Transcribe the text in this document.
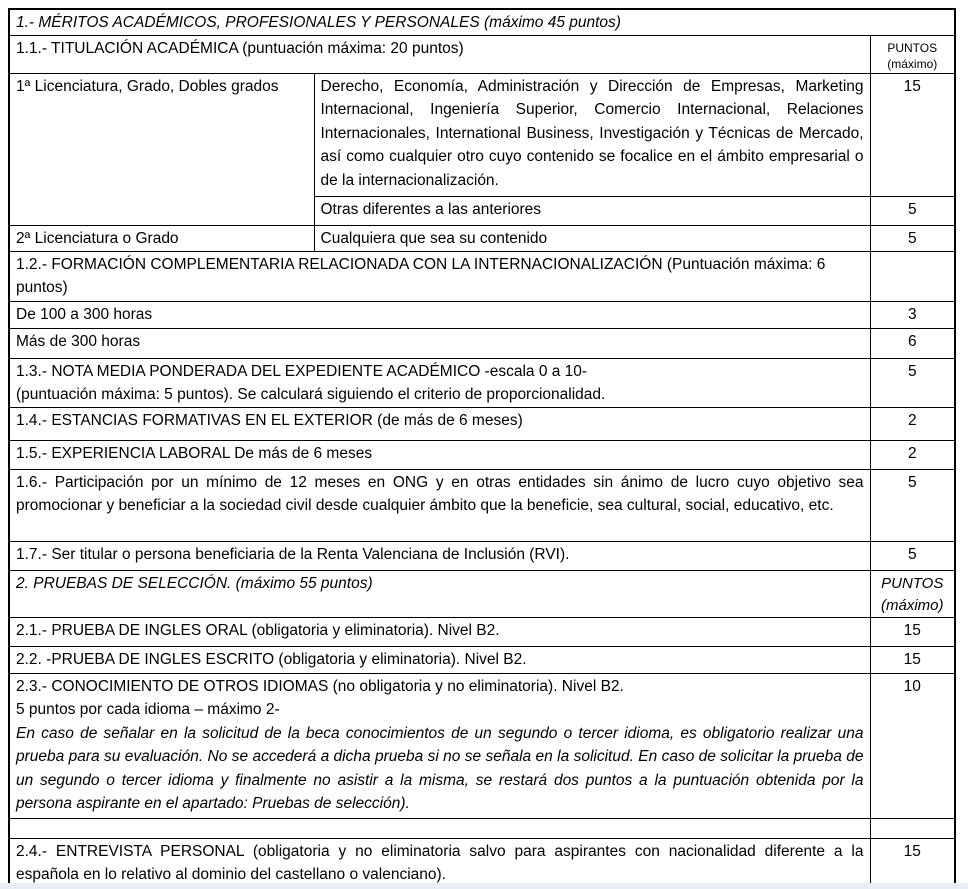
1.- MÉRITOS ACADÉMICOS, PROFESIONALES Y PERSONALES (máximo 45 puntos)		
1.1.- TITULACIÓN ACADÉMICA (puntuación máxima: 20 puntos)		PUNTOS
(máximo)

1ª Licenciatura, Grado, Dobles grados	Derecho, Economía, Administración y Dirección de Empresas, Marketing Internacional, Ingeniería Superior, Comercio Internacional, Relaciones Internacionales, International Business, Investigación y Técnicas de Mercado, así como cualquier otro cuyo contenido se focalice en el ámbito empresarial o de la internacionalización.	15
	Otras diferentes a las anteriores	5
2ª Licenciatura o Grado	Cualquiera que sea su contenido	5
1.2.- FORMACIÓN COMPLEMENTARIA RELACIONADA CON LA INTERNACIONALIZACIÓN (Puntuación máxima: 6 puntos)		
De 100 a 300 horas		3
Más de 300 horas		6

1.3.- NOTA MEDIA PONDERADA DEL EXPEDIENTE ACADÉMICO -escala 0 a 10-
(puntuación máxima: 5 puntos). Se calculará siguiendo el criterio de proporcionalidad.		5
1.4.- ESTANCIAS FORMATIVAS EN EL EXTERIOR (de más de 6 meses)		2
1.5.- EXPERIENCIA LABORAL De más de 6 meses		2
1.6.- Participación por un mínimo de 12 meses en ONG y en otras entidades sin ánimo de lucro cuyo objetivo sea promocionar y beneficiar a la sociedad civil desde cualquier ámbito que la beneficie, sea cultural, social, educativo, etc.		5
1.7.- Ser titular o persona beneficiaria de la Renta Valenciana de Inclusión (RVI).		5
2. PRUEBAS DE SELECCIÓN. (máximo 55 puntos)		PUNTOS
(máximo)

2.1.- PRUEBA DE INGLES ORAL (obligatoria y eliminatoria). Nivel B2.		15
2.2. -PRUEBA DE INGLES ESCRITO (obligatoria y eliminatoria). Nivel B2.		15

2.3.- CONOCIMIENTO DE OTROS IDIOMAS (no obligatoria y no eliminatoria). Nivel B2.
5 puntos por cada idioma – máximo 2-
En caso de señalar en la solicitud de la beca conocimientos de un segundo o tercer idioma, es obligatorio realizar una prueba para su evaluación. No se accederá a dicha prueba si no se señala en la solicitud. En caso de solicitar la prueba de un segundo o tercer idioma y finalmente no asistir a la misma, se restará dos puntos a la puntuación obtenida por la persona aspirante en el apartado: Pruebas de selección).		10

2.4.- ENTREVISTA PERSONAL (obligatoria y no eliminatoria salvo para aspirantes con nacionalidad diferente a la española en lo relativo al dominio del castellano o valenciano).		15
